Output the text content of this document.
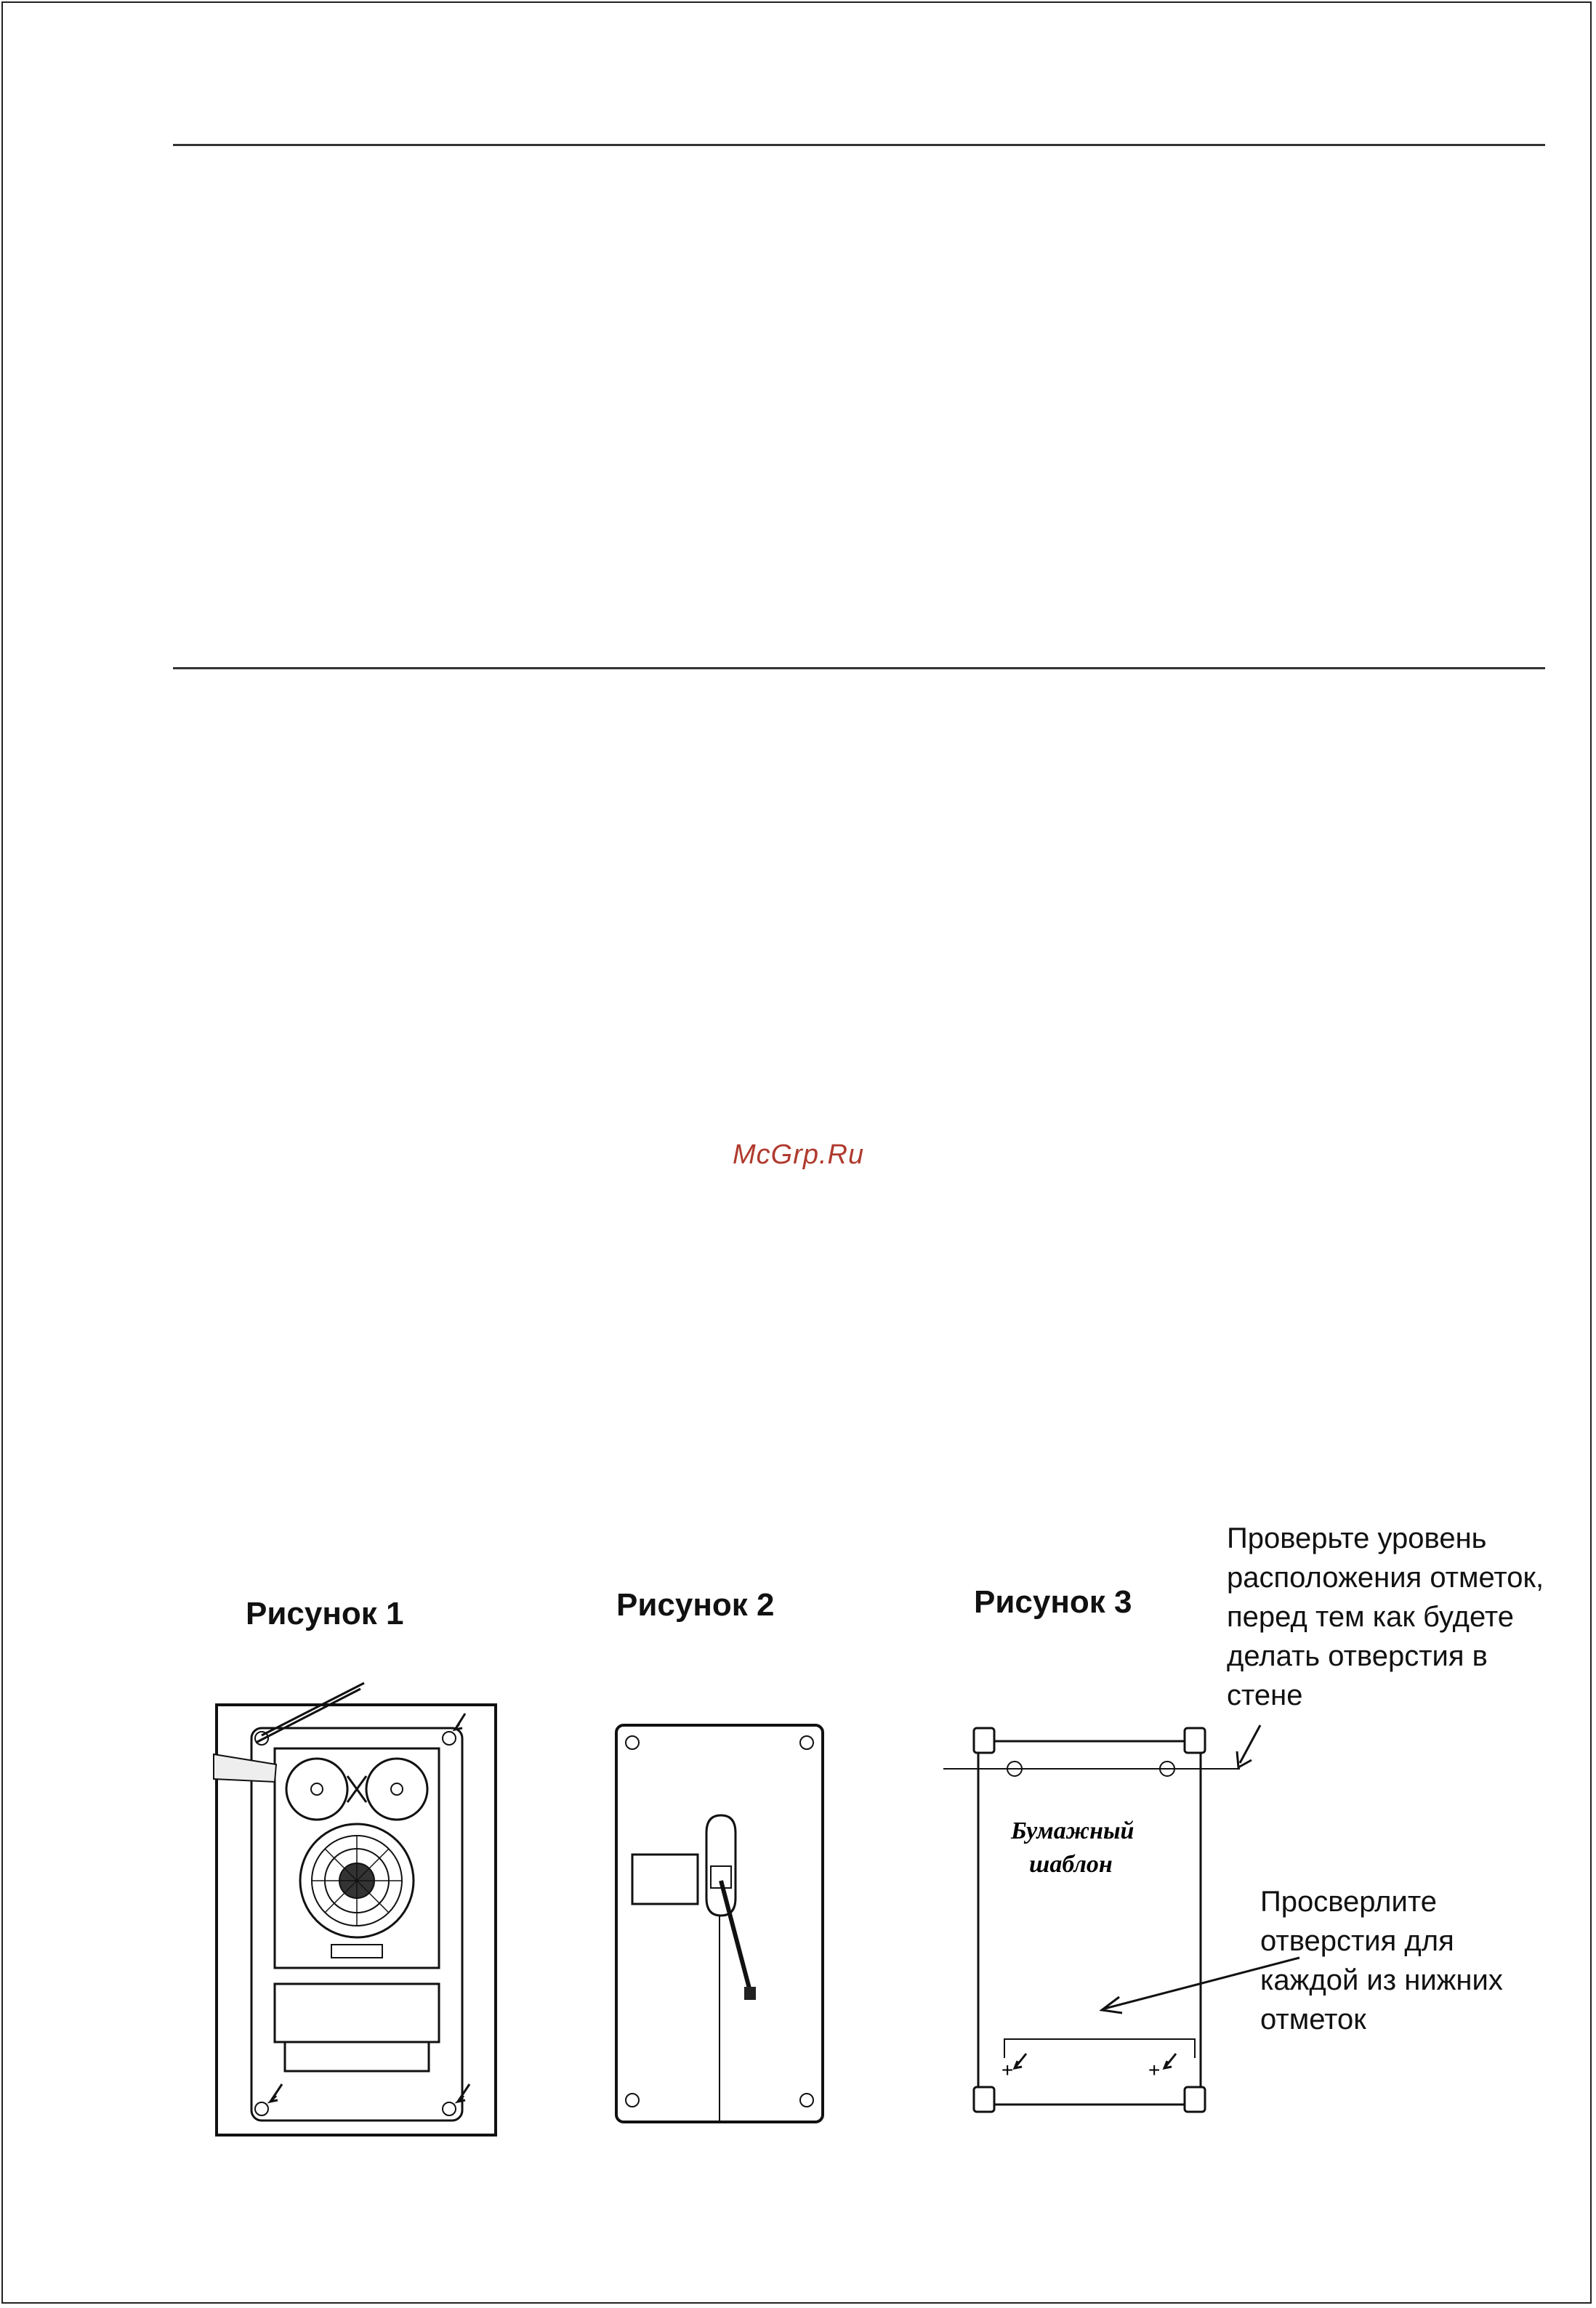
McGrp.Ru
Рисунок 1	Рисунок 2	Рисунок 3
Бумажный
шаблон
+	+
Проверьте уровень
расположения отметок,
перед тем как будете
делать отверстия в
стене
Просверлите
отверстия для
каждой из нижних
отметок
